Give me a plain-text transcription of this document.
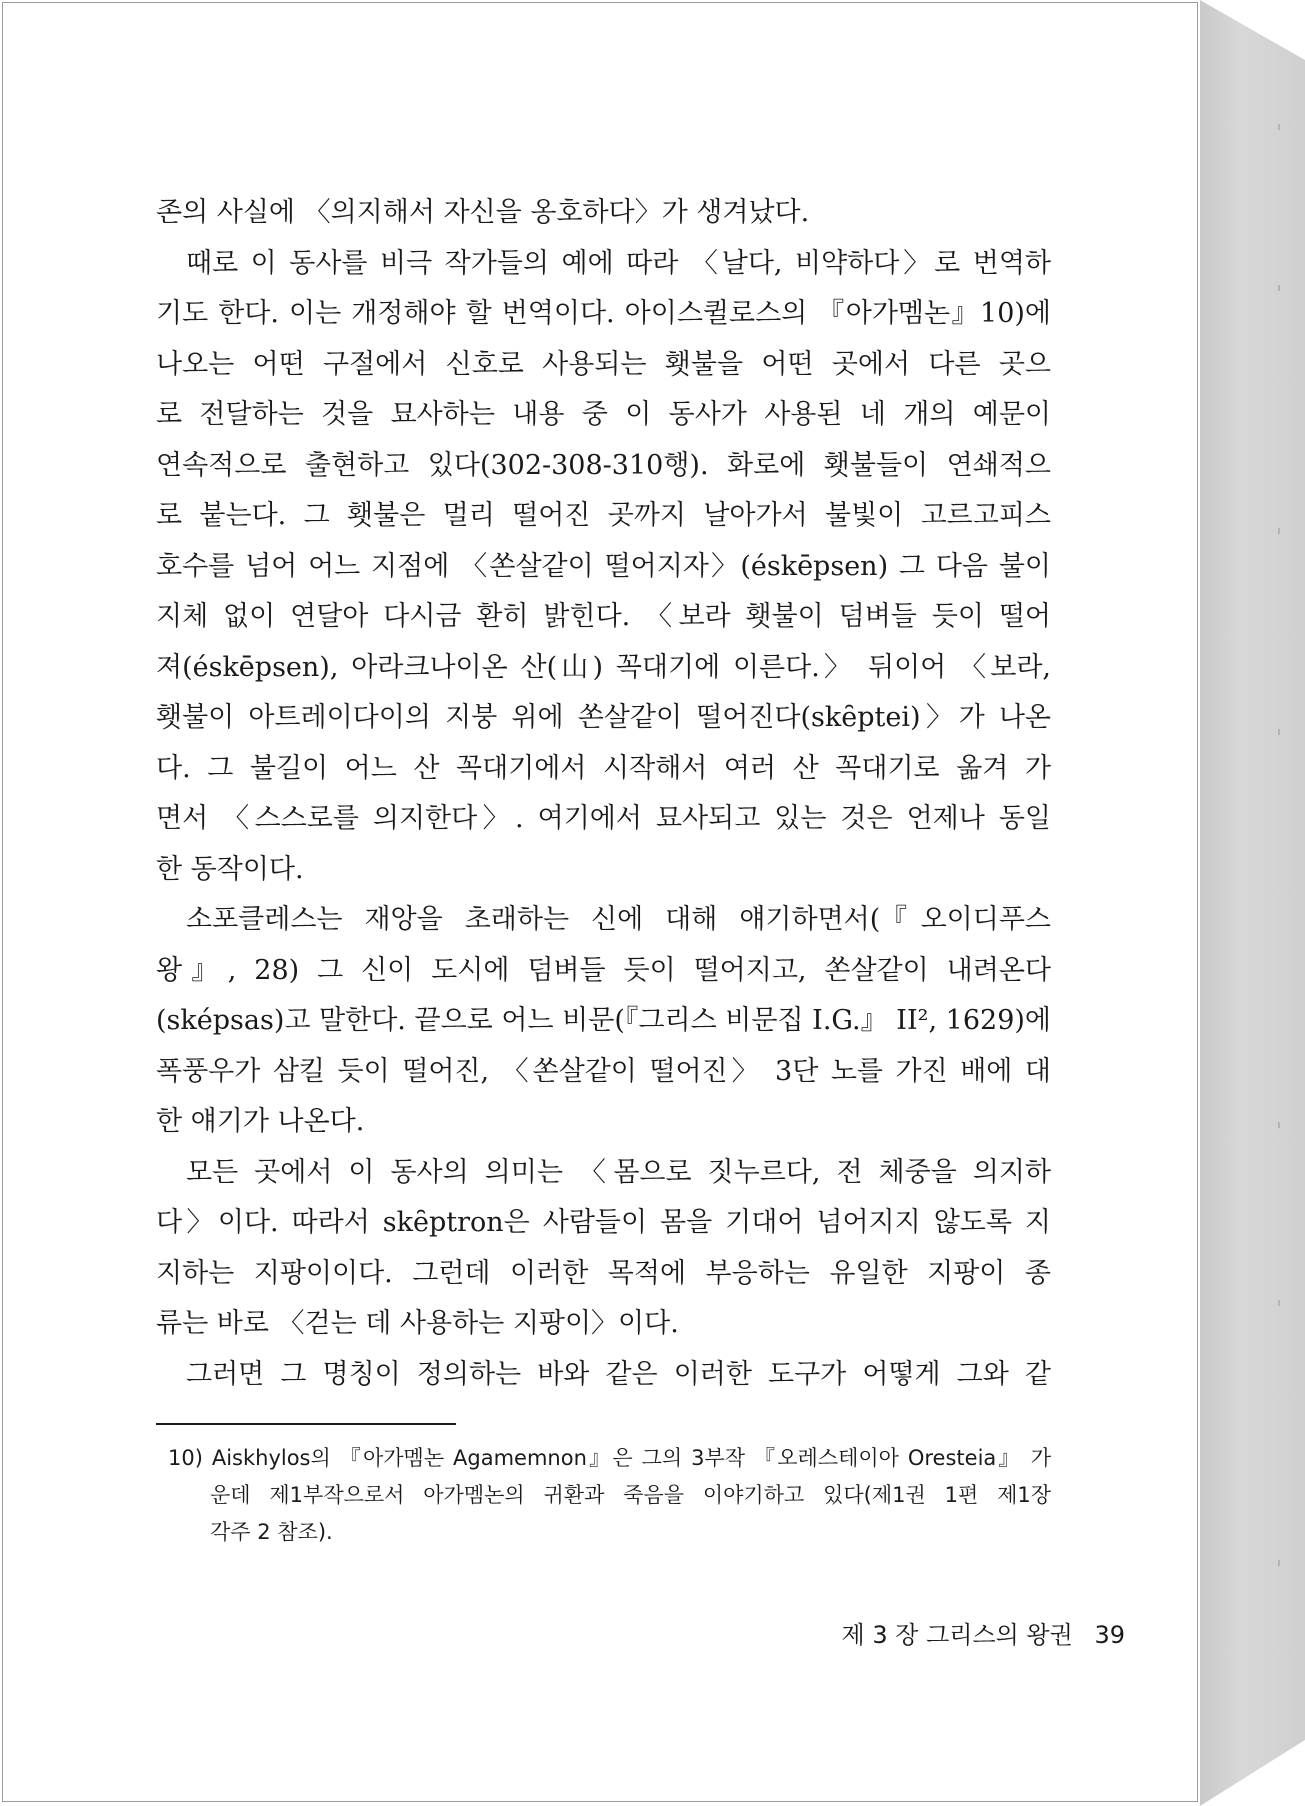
존의 사실에 〈의지해서 자신을 옹호하다〉가 생겨났다.
때로 이 동사를 비극 작가들의 예에 따라 〈날다, 비약하다〉로 번역하
기도 한다. 이는 개정해야 할 번역이다. 아이스퀼로스의 『아가멤논』10)에
나오는 어떤 구절에서 신호로 사용되는 횃불을 어떤 곳에서 다른 곳으
로 전달하는 것을 묘사하는 내용 중 이 동사가 사용된 네 개의 예문이
연속적으로 출현하고 있다(302-308-310행). 화로에 횃불들이 연쇄적으
로 붙는다. 그 횃불은 멀리 떨어진 곳까지 날아가서 불빛이 고르고피스
호수를 넘어 어느 지점에 〈쏜살같이 떨어지자〉(éskēpsen) 그 다음 불이
지체 없이 연달아 다시금 환히 밝힌다. 〈보라 횃불이 덤벼들 듯이 떨어
져(éskēpsen), 아라크나이온 산(山) 꼭대기에 이른다.〉 뒤이어 〈보라,
횃불이 아트레이다이의 지붕 위에 쏜살같이 떨어진다(skȇptei)〉가 나온
다. 그 불길이 어느 산 꼭대기에서 시작해서 여러 산 꼭대기로 옮겨 가
면서 〈스스로를 의지한다〉. 여기에서 묘사되고 있는 것은 언제나 동일
한 동작이다.
소포클레스는 재앙을 초래하는 신에 대해 얘기하면서(『오이디푸스
왕』, 28) 그 신이 도시에 덤벼들 듯이 떨어지고, 쏜살같이 내려온다
(sképsas)고 말한다. 끝으로 어느 비문(『그리스 비문집 I.G.』 II², 1629)에
폭풍우가 삼킬 듯이 떨어진, 〈쏜살같이 떨어진〉 3단 노를 가진 배에 대
한 얘기가 나온다.
모든 곳에서 이 동사의 의미는 〈몸으로 짓누르다, 전 체중을 의지하
다〉이다. 따라서 skȇptron은 사람들이 몸을 기대어 넘어지지 않도록 지
지하는 지팡이이다. 그런데 이러한 목적에 부응하는 유일한 지팡이 종
류는 바로 〈걷는 데 사용하는 지팡이〉이다.
그러면 그 명칭이 정의하는 바와 같은 이러한 도구가 어떻게 그와 같
10) Aiskhylos의 『아가멤논 Agamemnon』은 그의 3부작 『오레스테이아 Oresteia』 가
운데 제1부작으로서 아가멤논의 귀환과 죽음을 이야기하고 있다(제1권 1편 제1장
각주 2 참조).
제 3 장 그리스의 왕권 39
